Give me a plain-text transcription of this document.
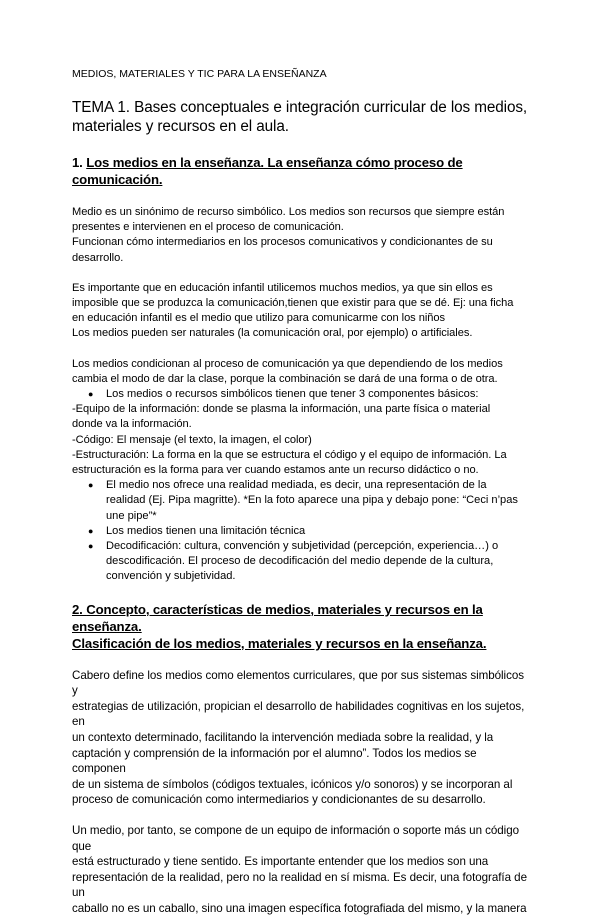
MEDIOS, MATERIALES Y TIC PARA LA ENSEÑANZA

TEMA 1. Bases conceptuales e integración curricular de los medios,
materiales y recursos en el aula.
1. Los medios en la enseñanza. La enseñanza cómo proceso de comunicación.
Medio es un sinónimo de recurso simbólico. Los medios son recursos que siempre están
presentes e intervienen en el proceso de comunicación.
Funcionan cómo intermediarios en los procesos comunicativos y condicionantes de su
desarrollo.
Es importante que en educación infantil utilicemos muchos medios, ya que sin ellos es
imposible que se produzca la comunicación,tienen que existir para que se dé. Ej: una ficha
en educación infantil es el medio que utilizo para comunicarme con los niños
Los medios pueden ser naturales (la comunicación oral, por ejemplo) o artificiales.
Los medios condicionan al proceso de comunicación ya que dependiendo de los medios
cambia el modo de dar la clase, porque la combinación se dará de una forma o de otra.
● Los medios o recursos simbólicos tienen que tener 3 componentes básicos:
-Equipo de la información: donde se plasma la información, una parte física o material
donde va la información.
-Código: El mensaje (el texto, la imagen, el color)
-Estructuración: La forma en la que se estructura el código y el equipo de información. La
estructuración es la forma para ver cuando estamos ante un recurso didáctico o no.
● El medio nos ofrece una realidad mediada, es decir, una representación de la
realidad (Ej. Pipa magritte). *En la foto aparece una pipa y debajo pone: “Ceci n’pas
une pipe”*
● Los medios tienen una limitación técnica
● Decodificación: cultura, convención y subjetividad (percepción, experiencia…) o
descodificación. El proceso de decodificación del medio depende de la cultura,
convención y subjetividad.
2. Concepto, características de medios, materiales y recursos en la enseñanza.
Clasificación de los medios, materiales y recursos en la enseñanza.
Cabero define los medios como elementos curriculares, que por sus sistemas simbólicos y
estrategias de utilización, propician el desarrollo de habilidades cognitivas en los sujetos, en
un contexto determinado, facilitando la intervención mediada sobre la realidad, y la
captación y comprensión de la información por el alumno”. Todos los medios se componen
de un sistema de símbolos (códigos textuales, icónicos y/o sonoros) y se incorporan al
proceso de comunicación como intermediarios y condicionantes de su desarrollo.
Un medio, por tanto, se compone de un equipo de información o soporte más un código que
está estructurado y tiene sentido. Es importante entender que los medios son una
representación de la realidad, pero no la realidad en sí misma. Es decir, una fotografía de un
caballo no es un caballo, sino una imagen específica fotografiada del mismo, y la manera
